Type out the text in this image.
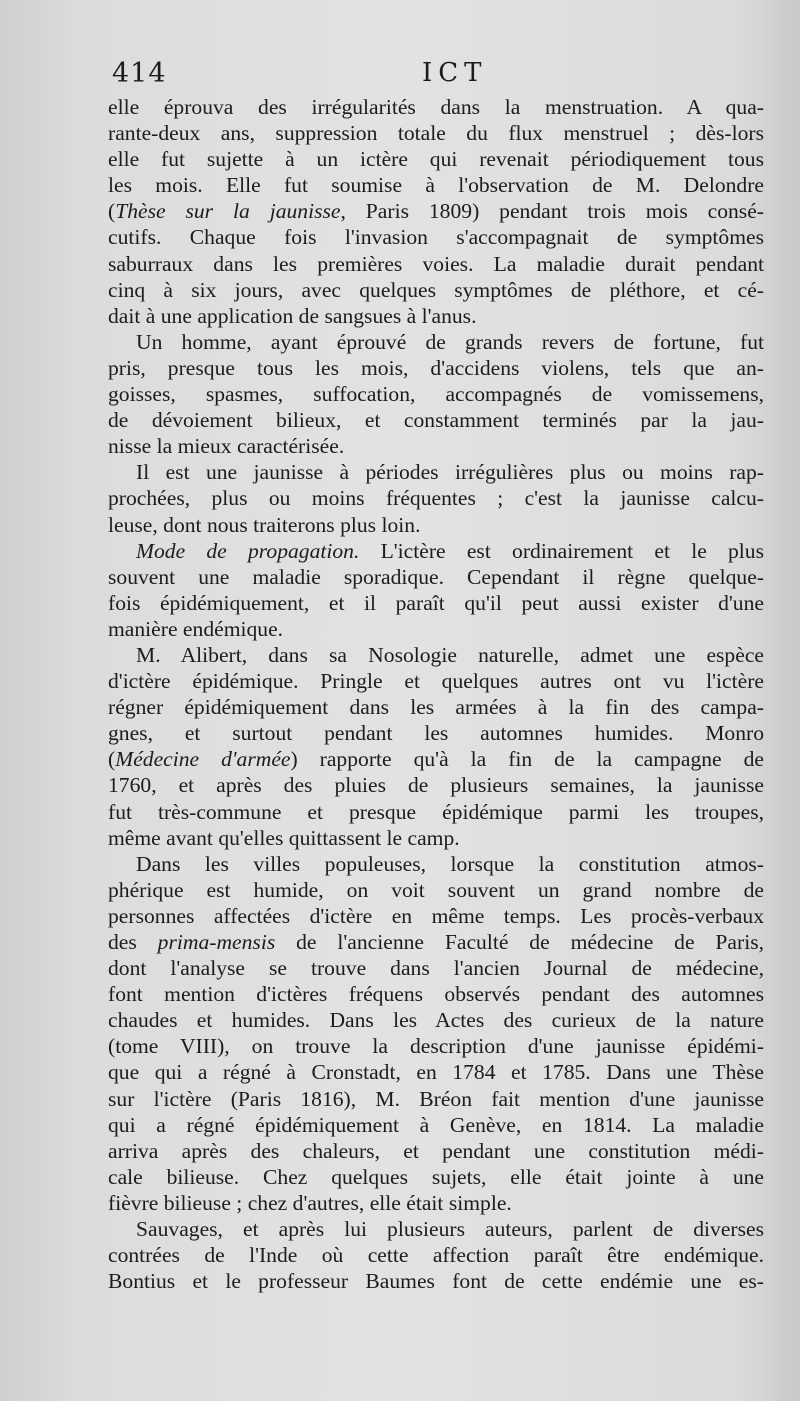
414	ICT
elle éprouva des irrégularités dans la menstruation. A qua-
rante-deux ans, suppression totale du flux menstruel ; dès-lors
elle fut sujette à un ictère qui revenait périodiquement tous
les mois. Elle fut soumise à l'observation de M. Delondre
(Thèse sur la jaunisse, Paris 1809) pendant trois mois consé-
cutifs. Chaque fois l'invasion s'accompagnait de symptômes
saburraux dans les premières voies. La maladie durait pendant
cinq à six jours, avec quelques symptômes de pléthore, et cé-
dait à une application de sangsues à l'anus.
Un homme, ayant éprouvé de grands revers de fortune, fut
pris, presque tous les mois, d'accidens violens, tels que an-
goisses, spasmes, suffocation, accompagnés de vomissemens,
de dévoiement bilieux, et constamment terminés par la jau-
nisse la mieux caractérisée.
Il est une jaunisse à périodes irrégulières plus ou moins rap-
prochées, plus ou moins fréquentes ; c'est la jaunisse calcu-
leuse, dont nous traiterons plus loin.
Mode de propagation. L'ictère est ordinairement et le plus
souvent une maladie sporadique. Cependant il règne quelque-
fois épidémiquement, et il paraît qu'il peut aussi exister d'une
manière endémique.
M. Alibert, dans sa Nosologie naturelle, admet une espèce
d'ictère épidémique. Pringle et quelques autres ont vu l'ictère
régner épidémiquement dans les armées à la fin des campa-
gnes, et surtout pendant les automnes humides. Monro
(Médecine d'armée) rapporte qu'à la fin de la campagne de
1760, et après des pluies de plusieurs semaines, la jaunisse
fut très-commune et presque épidémique parmi les troupes,
même avant qu'elles quittassent le camp.
Dans les villes populeuses, lorsque la constitution atmos-
phérique est humide, on voit souvent un grand nombre de
personnes affectées d'ictère en même temps. Les procès-verbaux
des prima-mensis de l'ancienne Faculté de médecine de Paris,
dont l'analyse se trouve dans l'ancien Journal de médecine,
font mention d'ictères fréquens observés pendant des automnes
chaudes et humides. Dans les Actes des curieux de la nature
(tome VIII), on trouve la description d'une jaunisse épidémi-
que qui a régné à Cronstadt, en 1784 et 1785. Dans une Thèse
sur l'ictère (Paris 1816), M. Bréon fait mention d'une jaunisse
qui a régné épidémiquement à Genève, en 1814. La maladie
arriva après des chaleurs, et pendant une constitution médi-
cale bilieuse. Chez quelques sujets, elle était jointe à une
fièvre bilieuse ; chez d'autres, elle était simple.
Sauvages, et après lui plusieurs auteurs, parlent de diverses
contrées de l'Inde où cette affection paraît être endémique.
Bontius et le professeur Baumes font de cette endémie une es-
